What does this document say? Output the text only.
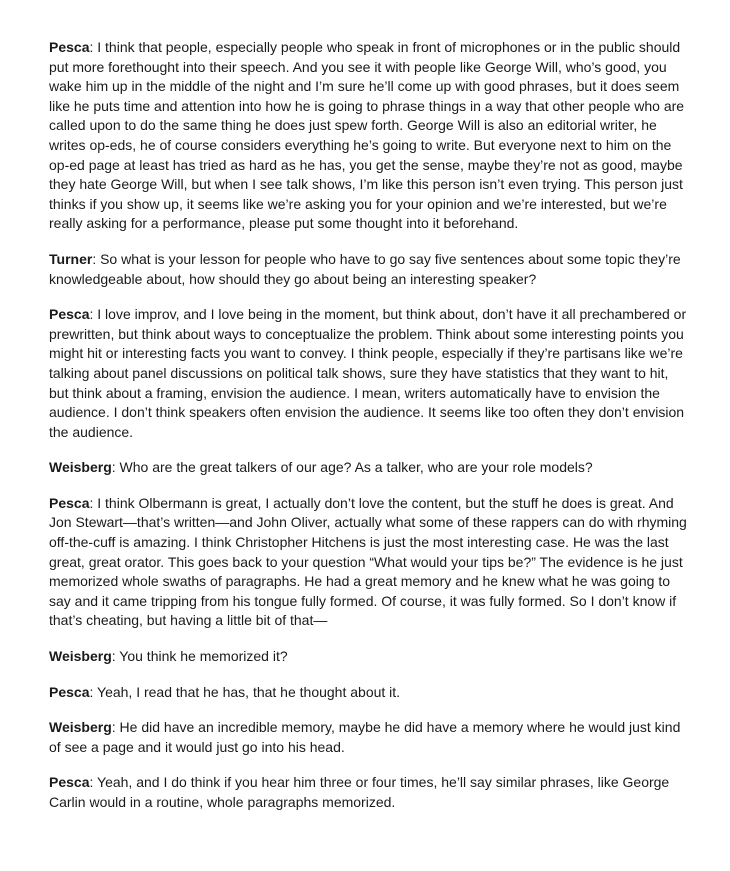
Pesca: I think that people, especially people who speak in front of microphones or in the public should put more forethought into their speech. And you see it with people like George Will, who’s good, you wake him up in the middle of the night and I’m sure he’ll come up with good phrases, but it does seem like he puts time and attention into how he is going to phrase things in a way that other people who are called upon to do the same thing he does just spew forth. George Will is also an editorial writer, he writes op-eds, he of course considers everything he’s going to write. But everyone next to him on the op-ed page at least has tried as hard as he has, you get the sense, maybe they’re not as good, maybe they hate George Will, but when I see talk shows, I’m like this person isn’t even trying. This person just thinks if you show up, it seems like we’re asking you for your opinion and we’re interested, but we’re really asking for a performance, please put some thought into it beforehand.

Turner: So what is your lesson for people who have to go say five sentences about some topic they’re knowledgeable about, how should they go about being an interesting speaker?

Pesca: I love improv, and I love being in the moment, but think about, don’t have it all prechambered or prewritten, but think about ways to conceptualize the problem. Think about some interesting points you might hit or interesting facts you want to convey. I think people, especially if they’re partisans like we’re talking about panel discussions on political talk shows, sure they have statistics that they want to hit, but think about a framing, envision the audience. I mean, writers automatically have to envision the audience. I don’t think speakers often envision the audience. It seems like too often they don’t envision the audience.

Weisberg: Who are the great talkers of our age? As a talker, who are your role models?

Pesca: I think Olbermann is great, I actually don’t love the content, but the stuff he does is great. And Jon Stewart—that’s written—and John Oliver, actually what some of these rappers can do with rhyming off-the-cuff is amazing. I think Christopher Hitchens is just the most interesting case. He was the last great, great orator. This goes back to your question “What would your tips be?” The evidence is he just memorized whole swaths of paragraphs. He had a great memory and he knew what he was going to say and it came tripping from his tongue fully formed. Of course, it was fully formed. So I don’t know if that’s cheating, but having a little bit of that—

Weisberg: You think he memorized it?

Pesca: Yeah, I read that he has, that he thought about it.

Weisberg: He did have an incredible memory, maybe he did have a memory where he would just kind of see a page and it would just go into his head.

Pesca: Yeah, and I do think if you hear him three or four times, he’ll say similar phrases, like George Carlin would in a routine, whole paragraphs memorized.
